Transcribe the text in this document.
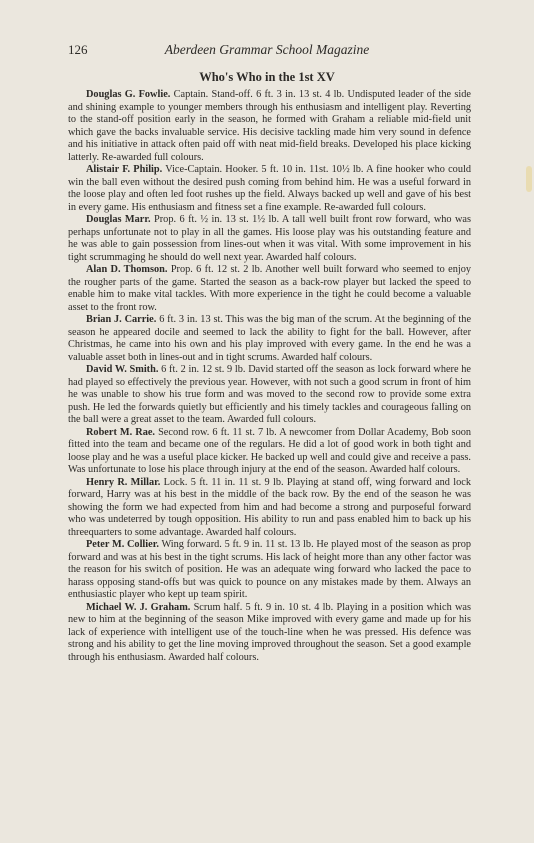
126	Aberdeen Grammar School Magazine
Who's Who in the 1st XV

Douglas G. Fowlie. Captain. Stand-off. 6 ft. 3 in. 13 st. 4 lb. Undisputed leader of the side and shining example to younger members through his enthusiasm and intelligent play. Reverting to the stand-off position early in the season, he formed with Graham a reliable mid-field unit which gave the backs invaluable service. His decisive tackling made him very sound in defence and his initiative in attack often paid off with neat mid-field breaks. Developed his place kicking latterly. Re-awarded full colours.

Alistair F. Philip. Vice-Captain. Hooker. 5 ft. 10 in. 11st. 10½ lb. A fine hooker who could win the ball even without the desired push coming from behind him. He was a useful forward in the loose play and often led foot rushes up the field. Always backed up well and gave of his best in every game. His enthusiasm and fitness set a fine example. Re-awarded full colours.

Douglas Marr. Prop. 6 ft. ½ in. 13 st. 1½ lb. A tall well built front row forward, who was perhaps unfortunate not to play in all the games. His loose play was his outstanding feature and he was able to gain possession from lines-out when it was vital. With some improvement in his tight scrummaging he should do well next year. Awarded half colours.

Alan D. Thomson. Prop. 6 ft. 12 st. 2 lb. Another well built forward who seemed to enjoy the rougher parts of the game. Started the season as a back-row player but lacked the speed to enable him to make vital tackles. With more experience in the tight he could become a valuable asset to the front row.

Brian J. Carrie. 6 ft. 3 in. 13 st. This was the big man of the scrum. At the beginning of the season he appeared docile and seemed to lack the ability to fight for the ball. However, after Christmas, he came into his own and his play improved with every game. In the end he was a valuable asset both in lines-out and in tight scrums. Awarded half colours.

David W. Smith. 6 ft. 2 in. 12 st. 9 lb. David started off the season as lock forward where he had played so effectively the previous year. However, with not such a good scrum in front of him he was unable to show his true form and was moved to the second row to provide some extra push. He led the forwards quietly but efficiently and his timely tackles and courageous falling on the ball were a great asset to the team. Awarded full colours.

Robert M. Rae. Second row. 6 ft. 11 st. 7 lb. A newcomer from Dollar Academy, Bob soon fitted into the team and became one of the regulars. He did a lot of good work in both tight and loose play and he was a useful place kicker. He backed up well and could give and receive a pass. Was unfortunate to lose his place through injury at the end of the season. Awarded half colours.

Henry R. Millar. Lock. 5 ft. 11 in. 11 st. 9 lb. Playing at stand off, wing forward and lock forward, Harry was at his best in the middle of the back row. By the end of the season he was showing the form we had expected from him and had become a strong and purposeful forward who was undeterred by tough opposition. His ability to run and pass enabled him to back up his threequarters to some advantage. Awarded half colours.

Peter M. Collier. Wing forward. 5 ft. 9 in. 11 st. 13 lb. He played most of the season as prop forward and was at his best in the tight scrums. His lack of height more than any other factor was the reason for his switch of position. He was an adequate wing forward who lacked the pace to harass opposing stand-offs but was quick to pounce on any mistakes made by them. Always an enthusiastic player who kept up team spirit.

Michael W. J. Graham. Scrum half. 5 ft. 9 in. 10 st. 4 lb. Playing in a position which was new to him at the beginning of the season Mike improved with every game and made up for his lack of experience with intelligent use of the touch-line when he was pressed. His defence was strong and his ability to get the line moving improved throughout the season. Set a good example through his enthusiasm. Awarded half colours.
